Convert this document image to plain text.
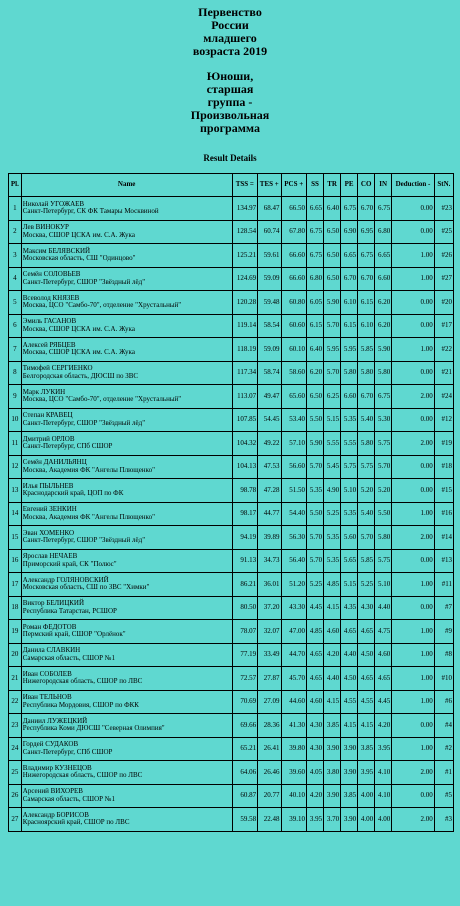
Первенство
России
младшего
возраста 2019
Юноши,
старшая
группа -
Произвольная
программа
Result Details
Pl.	Name	TSS =	TES +	PCS +	SS	TR	PE	CO	IN	Deduction -	StN.
1	Николай УГОЖАЕВ
Санкт-Петербург, СК ФК Тамары Москвиной	134.97	68.47	66.50	6.65	6.40	6.75	6.70	6.75	0.00	#23
2	Лев ВИНОКУР
Москва, СШОР ЦСКА им. С.А. Жука	128.54	60.74	67.80	6.75	6.50	6.90	6.95	6.80	0.00	#25
3	Максим БЕЛЯВСКИЙ
Московская область, СШ "Одинцово"	125.21	59.61	66.60	6.75	6.50	6.65	6.75	6.65	1.00	#26
4	Семён СОЛОВЬЕВ
Санкт-Петербург, СШОР "Звёздный лёд"	124.69	59.09	66.60	6.80	6.50	6.70	6.70	6.60	1.00	#27
5	Всеволод КНЯЗЕВ
Москва, ЦСО "Самбо-70", отделение "Хрустальный"	120.28	59.48	60.80	6.05	5.90	6.10	6.15	6.20	0.00	#20
6	Эмиль ГАСАНОВ
Москва, СШОР ЦСКА им. С.А. Жука	119.14	58.54	60.60	6.15	5.70	6.15	6.10	6.20	0.00	#17
7	Алексей РЯБЦЕВ
Москва, СШОР ЦСКА им. С.А. Жука	118.19	59.09	60.10	6.40	5.95	5.95	5.85	5.90	1.00	#22
8	Тимофей СЕРГИЕНКО
Белгородская область, ДЮСШ по ЗВС	117.34	58.74	58.60	6.20	5.70	5.80	5.80	5.80	0.00	#21
9	Марк ЛУКИН
Москва, ЦСО "Самбо-70", отделение "Хрустальный"	113.07	49.47	65.60	6.50	6.25	6.60	6.70	6.75	2.00	#24
10	Степан КРАВЕЦ
Санкт-Петербург, СШОР "Звёздный лёд"	107.85	54.45	53.40	5.50	5.15	5.35	5.40	5.30	0.00	#12
11	Дмитрий ОРЛОВ
Санкт-Петербург, СПб СШОР	104.32	49.22	57.10	5.90	5.55	5.55	5.80	5.75	2.00	#19
12	Семён ДАНИЛЬЯНЦ
Москва, Академия ФК "Ангелы Плющенко"	104.13	47.53	56.60	5.70	5.45	5.75	5.75	5.70	0.00	#18
13	Илья ПЫЛЬНЕВ
Краснодарский край, ЦОП по ФК	98.78	47.28	51.50	5.35	4.90	5.10	5.20	5.20	0.00	#15
14	Евгений ЗЕНКИН
Москва, Академия ФК "Ангелы Плющенко"	98.17	44.77	54.40	5.50	5.25	5.35	5.40	5.50	1.00	#16
15	Эван ХОМЕНКО
Санкт-Петербург, СШОР "Звёздный лёд"	94.19	39.89	56.30	5.70	5.35	5.60	5.70	5.80	2.00	#14
16	Ярослав НЕЧАЕВ
Приморский край, СК "Полюс"	91.13	34.73	56.40	5.70	5.35	5.65	5.85	5.75	0.00	#13
17	Александр ГОЛЯНОВСКИЙ
Московская область, СШ по ЗВС "Химки"	86.21	36.01	51.20	5.25	4.85	5.15	5.25	5.10	1.00	#11
18	Виктор БЕЛИЦКИЙ
Республика Татарстан, РСШОР	80.50	37.20	43.30	4.45	4.15	4.35	4.30	4.40	0.00	#7
19	Роман ФЕДОТОВ
Пермский край, СШОР "Орлёнок"	78.07	32.07	47.00	4.85	4.60	4.65	4.65	4.75	1.00	#9
20	Данила СЛАВКИН
Самарская область, СШОР №1	77.19	33.49	44.70	4.65	4.20	4.40	4.50	4.60	1.00	#8
21	Иван СОБОЛЕВ
Нижегородская область, СШОР по ЛВС	72.57	27.87	45.70	4.65	4.40	4.50	4.65	4.65	1.00	#10
22	Иван ТЕЛЬНОВ
Республика Мордовия, СШОР по ФКК	70.69	27.09	44.60	4.60	4.15	4.55	4.55	4.45	1.00	#6
23	Даниил ЛУЖЕЦКИЙ
Республика Коми ДЮСШ "Северная Олимпия"	69.66	28.36	41.30	4.30	3.85	4.15	4.15	4.20	0.00	#4
24	Гордей СУДАКОВ
Санкт-Петербург, СПб СШОР	65.21	26.41	39.80	4.30	3.90	3.90	3.85	3.95	1.00	#2
25	Владимир КУЗНЕЦОВ
Нижегородская область, СШОР по ЛВС	64.06	26.46	39.60	4.05	3.80	3.90	3.95	4.10	2.00	#1
26	Арсений ВИХОРЕВ
Самарская область, СШОР №1	60.87	20.77	40.10	4.20	3.90	3.85	4.00	4.10	0.00	#5
27	Александр БОРИСОВ
Красноярский край, СШОР по ЛВС	59.58	22.48	39.10	3.95	3.70	3.90	4.00	4.00	2.00	#3
